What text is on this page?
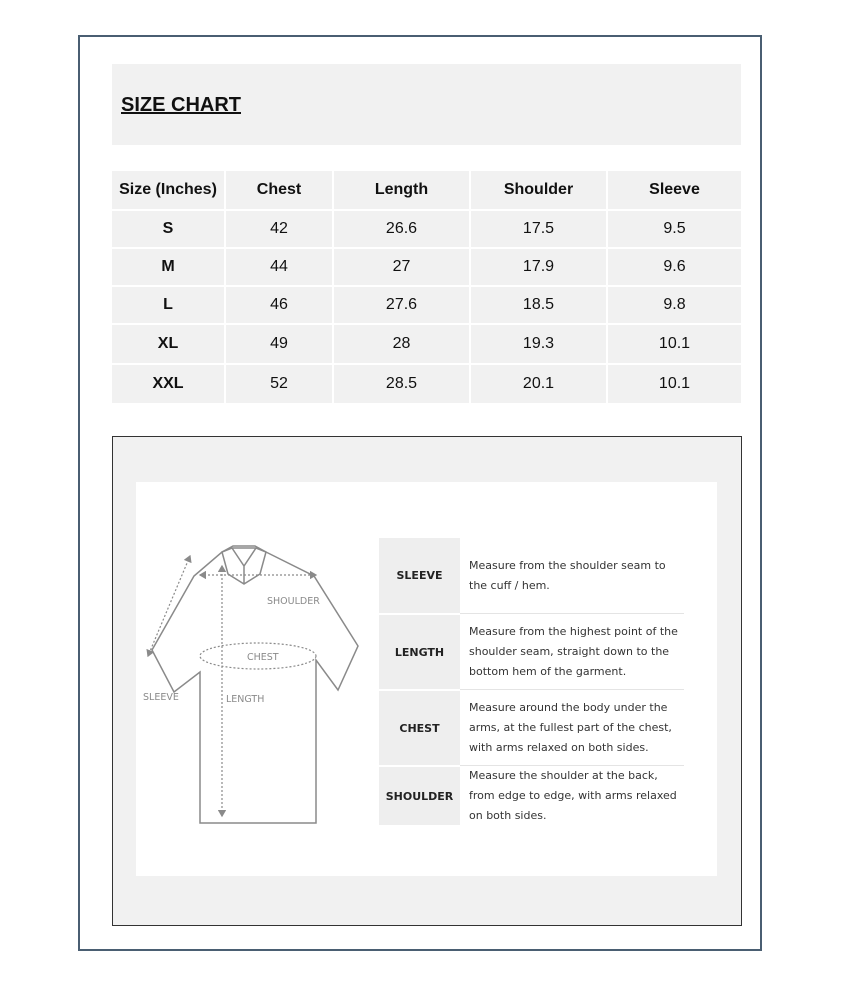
SIZE CHART
Size (Inches)	Chest	Length	Shoulder	Sleeve
S	42	26.6	17.5	9.5
M	44	27	17.9	9.6
L	46	27.6	18.5	9.8
XL	49	28	19.3	10.1
XXL	52	28.5	20.1	10.1
SHOULDER
CHEST
SLEEVE	LENGTH
SLEEVE
Measure from the shoulder seam to the cuff / hem.
LENGTH
Measure from the highest point of the shoulder seam, straight down to the bottom hem of the garment.
CHEST
Measure around the body under the arms, at the fullest part of the chest, with arms relaxed on both sides.
SHOULDER
Measure the shoulder at the back, from edge to edge, with arms relaxed on both sides.
